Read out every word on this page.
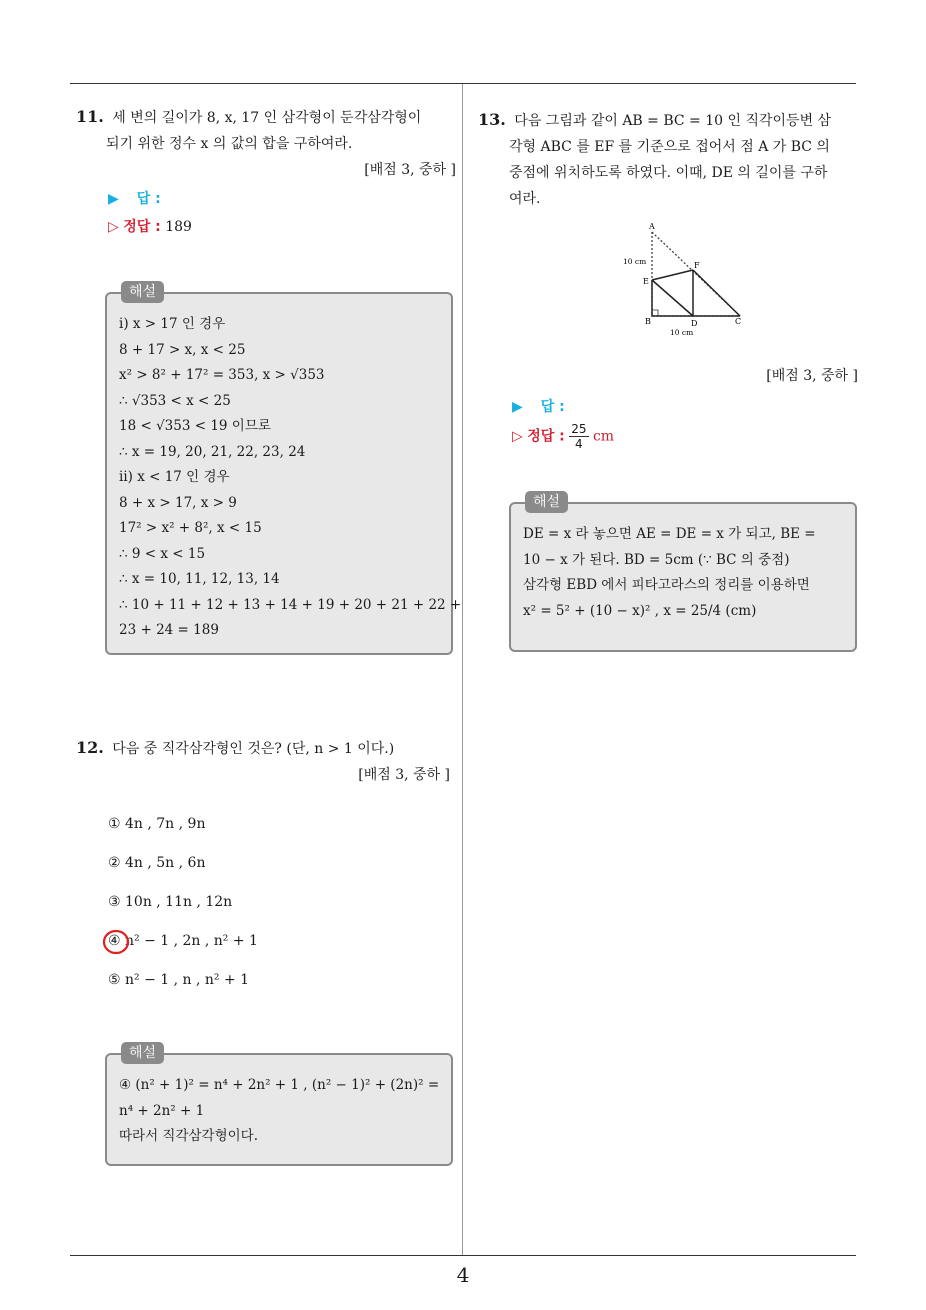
11. 세 변의 길이가 8, x, 17 인 삼각형이 둔각삼각형이
되기 위한 정수 x 의 값의 합을 구하여라.
[배점 3, 중하 ]

▶ 답 :

▷ 정답 : 189

해설
ⅰ) x > 17 인 경우
8 + 17 > x, x < 25
x² > 8² + 17² = 353, x > √353
∴ √353 < x < 25
18 < √353 < 19 이므로
∴ x = 19, 20, 21, 22, 23, 24
ⅱ) x < 17 인 경우
8 + x > 17, x > 9
17² > x² + 8², x < 15
∴ 9 < x < 15
∴ x = 10, 11, 12, 13, 14
∴ 10 + 11 + 12 + 13 + 14 + 19 + 20 + 21 + 22 +
23 + 24 = 189
12. 다음 중 직각삼각형인 것은? (단, n > 1 이다.)
[배점 3, 중하 ]
① 4n , 7n , 9n
② 4n , 5n , 6n
③ 10n , 11n , 12n
④ n² − 1 , 2n , n² + 1
⑤ n² − 1 , n , n² + 1
해설
④ (n² + 1)² = n⁴ + 2n² + 1 , (n² − 1)² + (2n)² =
n⁴ + 2n² + 1
따라서 직각삼각형이다.
13. 다음 그림과 같이 AB = BC = 10 인 직각이등변 삼
각형 ABC 를 EF 를 기준으로 접어서 점 A 가 BC 의
중점에 위치하도록 하였다. 이때, DE 의 길이를 구하
여라.
A
F
E
B	D	C
10 cm
10 cm
[배점 3, 중하 ]

▶ 답 :

▷ 정답 : $\frac{25}{4}$ cm

해설
DE = x 라 놓으면 AE = DE = x 가 되고, BE =
10 − x 가 된다. BD = 5cm (∵ BC 의 중점)
삼각형 EBD 에서 피타고라스의 정리를 이용하면
x² = 5² + (10 − x)² , x = 25/4 (cm)
4
